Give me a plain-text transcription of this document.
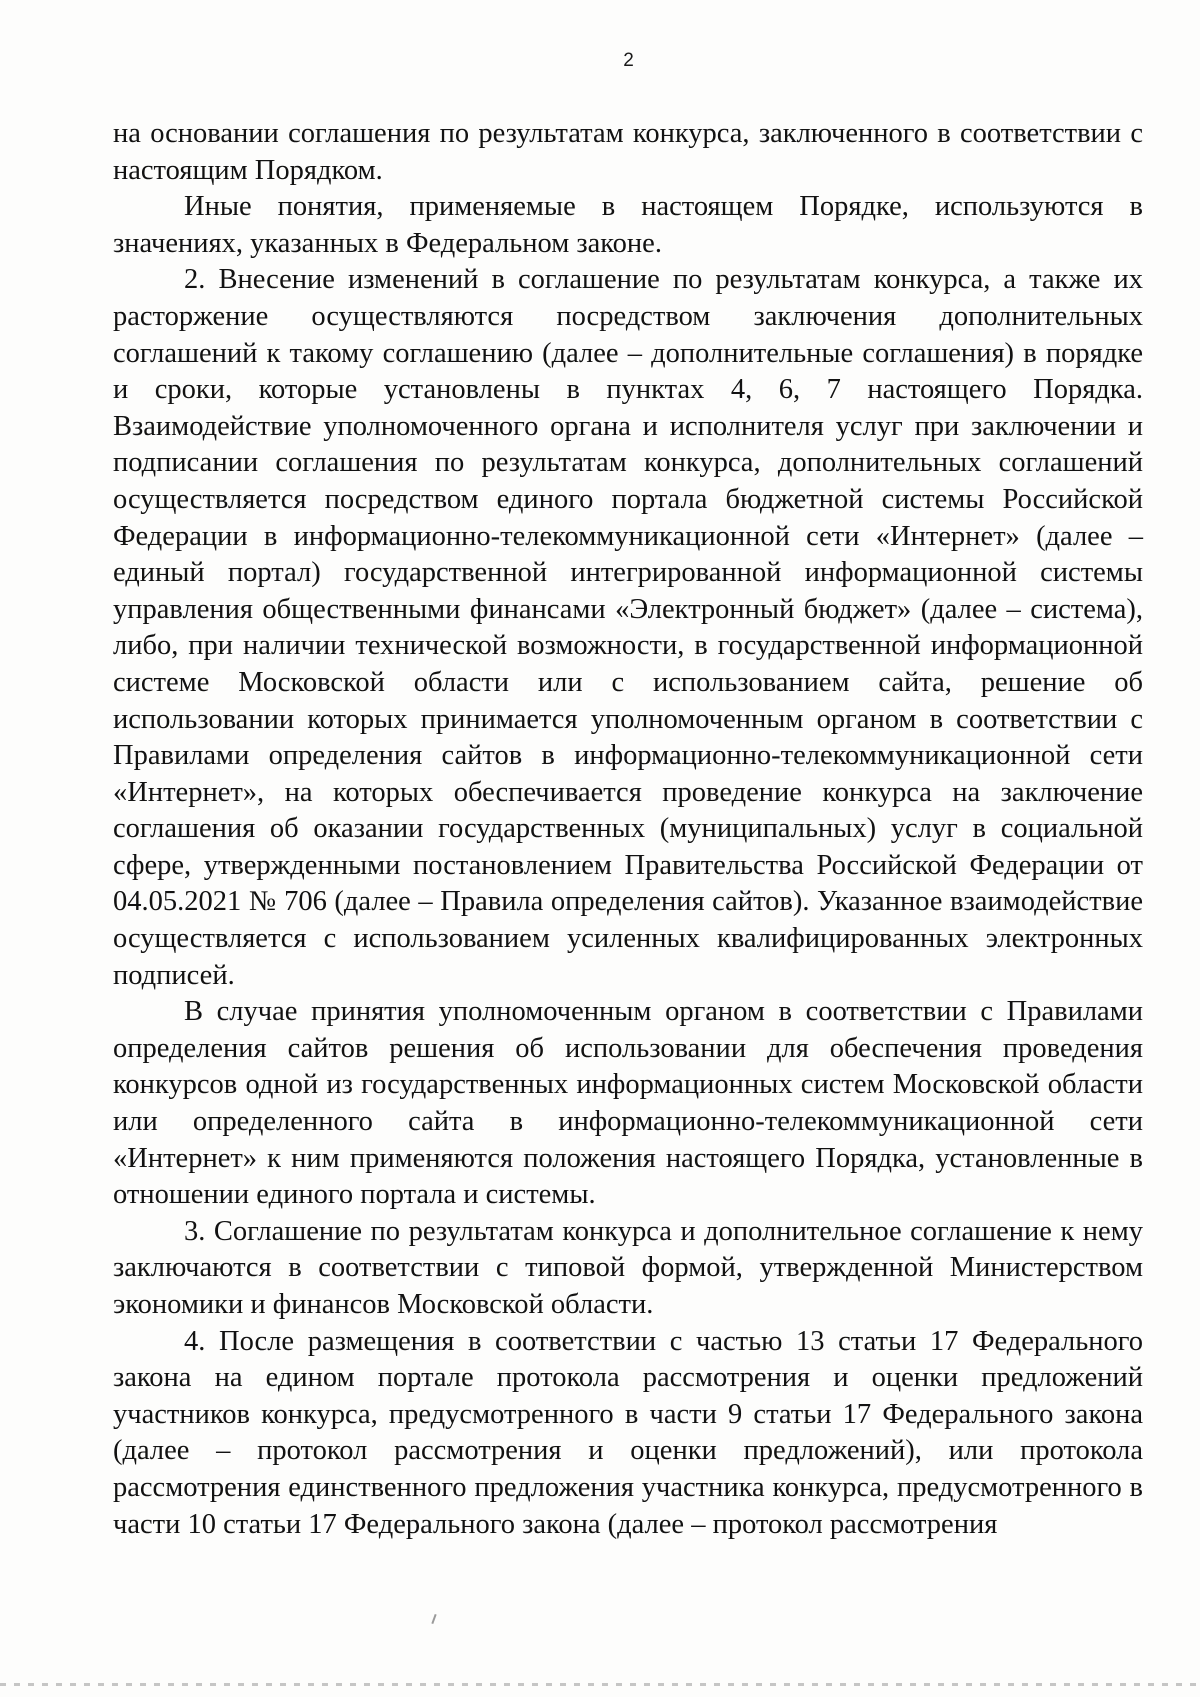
2

на основании соглашения по результатам конкурса, заключенного в соответствии с настоящим Порядком.

Иные понятия, применяемые в настоящем Порядке, используются в значениях, указанных в Федеральном законе.

2. Внесение изменений в соглашение по результатам конкурса, а также их расторжение осуществляются посредством заключения дополнительных соглашений к такому соглашению (далее – дополнительные соглашения) в порядке и сроки, которые установлены в пунктах 4, 6, 7 настоящего Порядка. Взаимодействие уполномоченного органа и исполнителя услуг при заключении и подписании соглашения по результатам конкурса, дополнительных соглашений осуществляется посредством единого портала бюджетной системы Российской Федерации в информационно-телекоммуникационной сети «Интернет» (далее – единый портал) государственной интегрированной информационной системы управления общественными финансами «Электронный бюджет» (далее – система), либо, при наличии технической возможности, в государственной информационной системе Московской области или с использованием сайта, решение об использовании которых принимается уполномоченным органом в соответствии с Правилами определения сайтов в информационно-телекоммуникационной сети «Интернет», на которых обеспечивается проведение конкурса на заключение соглашения об оказании государственных (муниципальных) услуг в социальной сфере, утвержденными постановлением Правительства Российской Федерации от 04.05.2021 № 706 (далее – Правила определения сайтов). Указанное взаимодействие осуществляется с использованием усиленных квалифицированных электронных подписей.

В случае принятия уполномоченным органом в соответствии с Правилами определения сайтов решения об использовании для обеспечения проведения конкурсов одной из государственных информационных систем Московской области или определенного сайта в информационно-телекоммуникационной сети «Интернет» к ним применяются положения настоящего Порядка, установленные в отношении единого портала и системы.

3. Соглашение по результатам конкурса и дополнительное соглашение к нему заключаются в соответствии с типовой формой, утвержденной Министерством экономики и финансов Московской области.

4. После размещения в соответствии с частью 13 статьи 17 Федерального закона на едином портале протокола рассмотрения и оценки предложений участников конкурса, предусмотренного в части 9 статьи 17 Федерального закона (далее – протокол рассмотрения и оценки предложений), или протокола рассмотрения единственного предложения участника конкурса, предусмотренного в части 10 статьи 17 Федерального закона (далее – протокол рассмотрения
